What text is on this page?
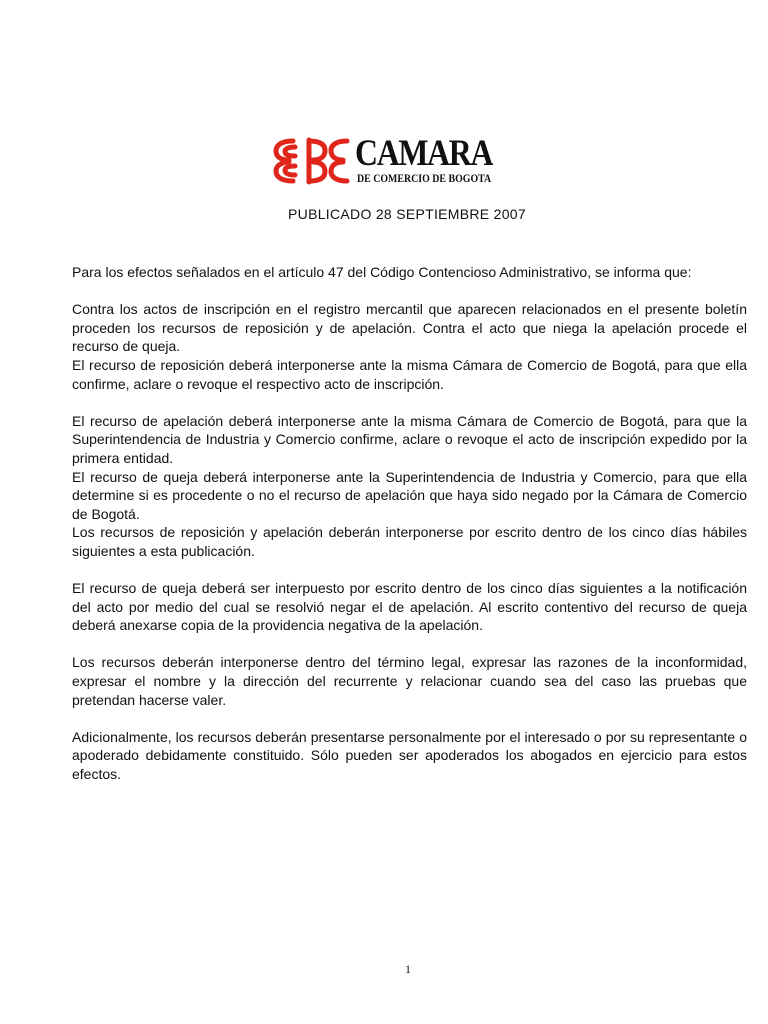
CAMARA
DE COMERCIO DE BOGOTA
PUBLICADO 28 SEPTIEMBRE 2007

Para los efectos señalados en el artículo 47 del Código Contencioso Administrativo, se informa que:

Contra los actos de inscripción en el registro mercantil que aparecen relacionados en el presente boletín proceden los recursos de reposición y de apelación. Contra el acto que niega la apelación procede el recurso de queja.

El recurso de reposición deberá interponerse ante la misma Cámara de Comercio de Bogotá, para que ella confirme, aclare o revoque el respectivo acto de inscripción.

El recurso de apelación deberá interponerse ante la misma Cámara de Comercio de Bogotá, para que la Superintendencia de Industria y Comercio confirme, aclare o revoque el acto de inscripción expedido por la primera entidad.

El recurso de queja deberá interponerse ante la Superintendencia de Industria y Comercio, para que ella determine si es procedente o no el recurso de apelación que haya sido negado por la Cámara de Comercio de Bogotá.

Los recursos de reposición y apelación deberán interponerse por escrito dentro de los cinco días hábiles siguientes a esta publicación.

El recurso de queja deberá ser interpuesto por escrito dentro de los cinco días siguientes a la notificación del acto por medio del cual se resolvió negar el de apelación. Al escrito contentivo del recurso de queja deberá anexarse copia de la providencia negativa de la apelación.

Los recursos deberán interponerse dentro del término legal, expresar las razones de la inconformidad, expresar el nombre y la dirección del recurrente y relacionar cuando sea del caso las pruebas que pretendan hacerse valer.

Adicionalmente, los recursos deberán presentarse personalmente por el interesado o por su representante o apoderado debidamente constituido. Sólo pueden ser apoderados los abogados en ejercicio para estos efectos.

1
